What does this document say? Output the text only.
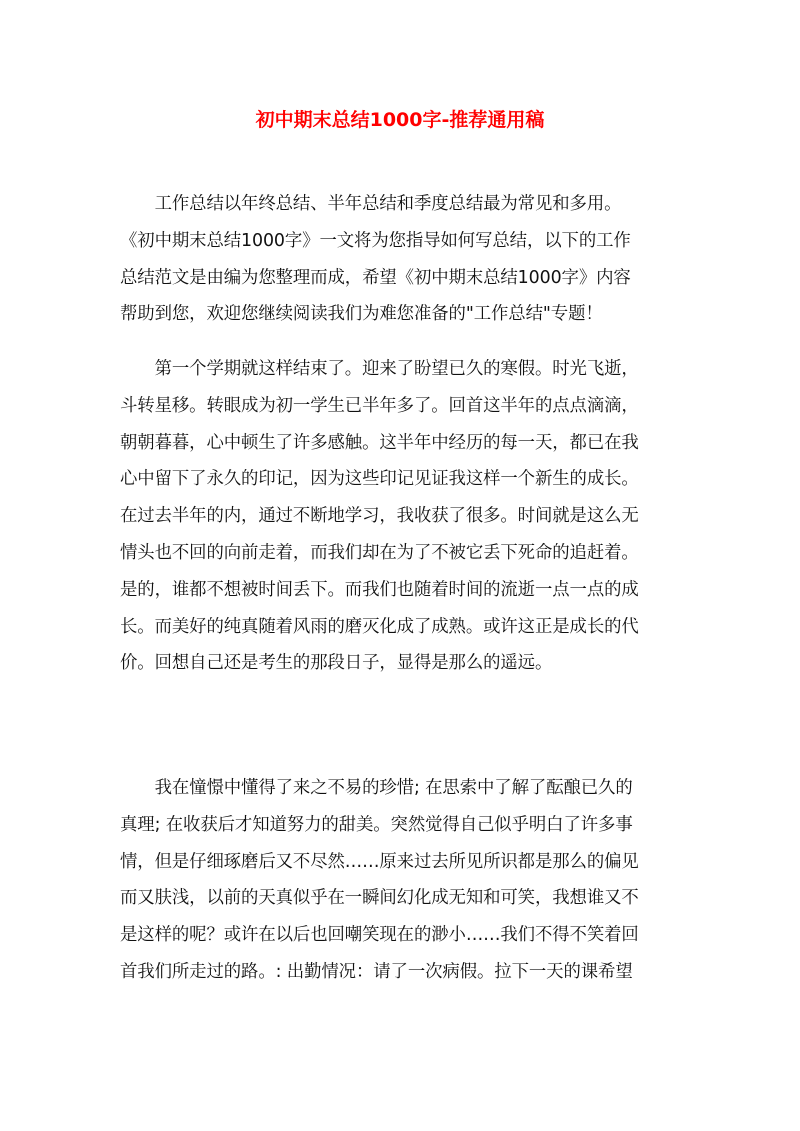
初中期末总结1000字-推荐通用稿
　　工作总结以年终总结、半年总结和季度总结最为常见和多用。
《初中期末总结1000字》一文将为您指导如何写总结，以下的工作
总结范文是由编为您整理而成，希望《初中期末总结1000字》内容
帮助到您，欢迎您继续阅读我们为难您准备的"工作总结"专题！
　　第一个学期就这样结束了。迎来了盼望已久的寒假。时光飞逝，
斗转星移。转眼成为初一学生已半年多了。回首这半年的点点滴滴，
朝朝暮暮，心中顿生了许多感触。这半年中经历的每一天，都已在我
心中留下了永久的印记，因为这些印记见证我这样一个新生的成长。
在过去半年的内，通过不断地学习，我收获了很多。时间就是这么无
情头也不回的向前走着，而我们却在为了不被它丢下死命的追赶着。
是的，谁都不想被时间丢下。而我们也随着时间的流逝一点一点的成
长。而美好的纯真随着风雨的磨灭化成了成熟。或许这正是成长的代
价。回想自己还是考生的那段日子，显得是那么的遥远。
　　我在憧憬中懂得了来之不易的珍惜; 在思索中了解了酝酿已久的
真理; 在收获后才知道努力的甜美。突然觉得自己似乎明白了许多事
情，但是仔细琢磨后又不尽然……原来过去所见所识都是那么的偏见
而又肤浅，以前的天真似乎在一瞬间幻化成无知和可笑，我想谁又不
是这样的呢？或许在以后也回嘲笑现在的渺小……我们不得不笑着回
首我们所走过的路。: 出勤情况：请了一次病假。拉下一天的课希望
